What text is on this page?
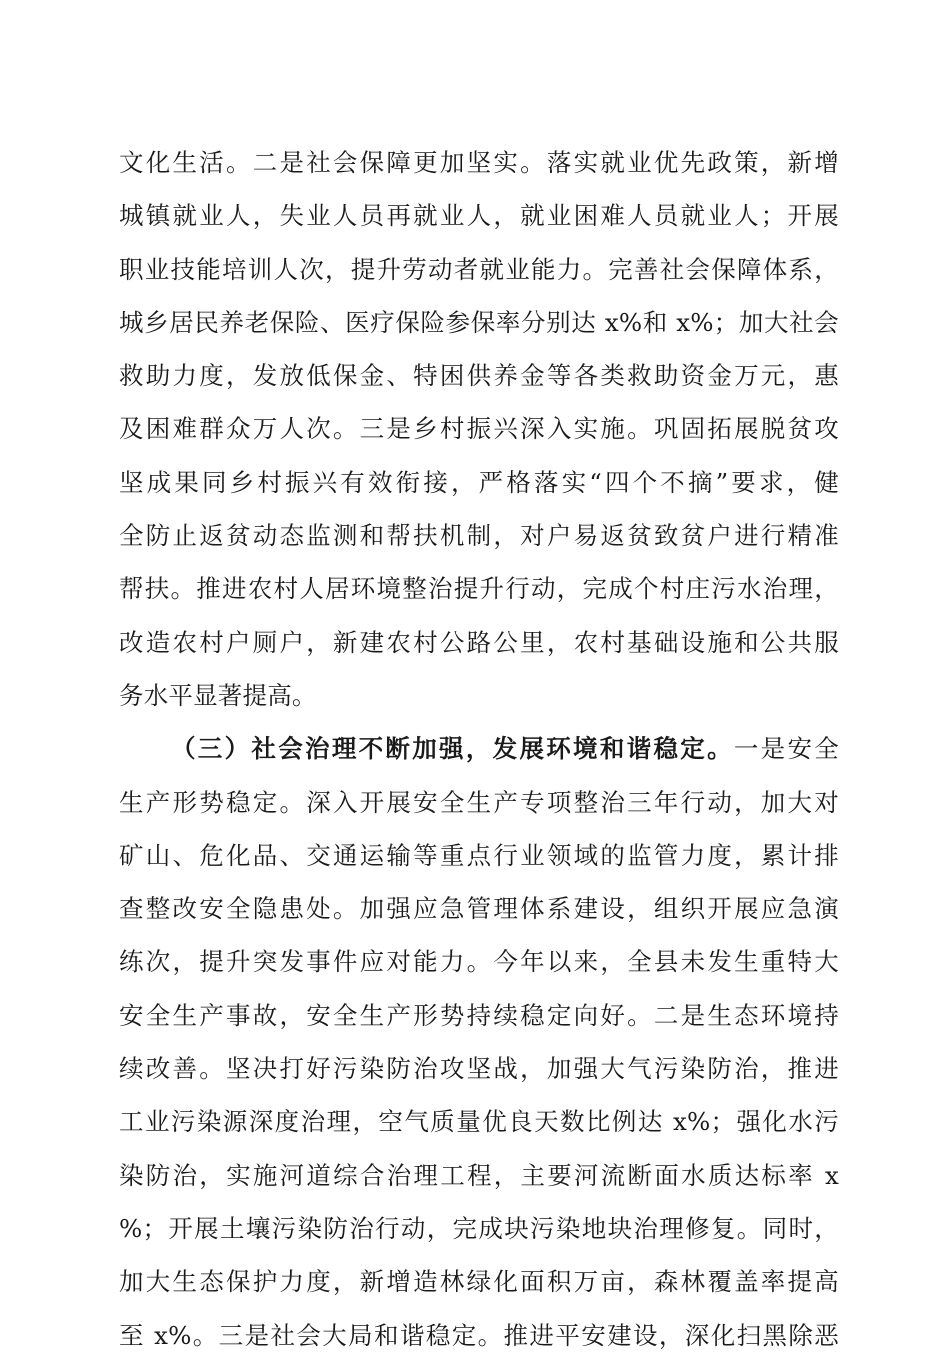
文化生活。二是社会保障更加坚实。落实就业优先政策，新增
城镇就业人，失业人员再就业人，就业困难人员就业人；开展
职业技能培训人次，提升劳动者就业能力。完善社会保障体系，
城乡居民养老保险、医疗保险参保率分别达 x%和 x%；加大社会
救助力度，发放低保金、特困供养金等各类救助资金万元，惠
及困难群众万人次。三是乡村振兴深入实施。巩固拓展脱贫攻
坚成果同乡村振兴有效衔接，严格落实“四个不摘”要求，健
全防止返贫动态监测和帮扶机制，对户易返贫致贫户进行精准
帮扶。推进农村人居环境整治提升行动，完成个村庄污水治理，
改造农村户厕户，新建农村公路公里，农村基础设施和公共服
务水平显著提高。
（三）社会治理不断加强，发展环境和谐稳定。一是安全
生产形势稳定。深入开展安全生产专项整治三年行动，加大对
矿山、危化品、交通运输等重点行业领域的监管力度，累计排
查整改安全隐患处。加强应急管理体系建设，组织开展应急演
练次，提升突发事件应对能力。今年以来，全县未发生重特大
安全生产事故，安全生产形势持续稳定向好。二是生态环境持
续改善。坚决打好污染防治攻坚战，加强大气污染防治，推进
工业污染源深度治理，空气质量优良天数比例达 x%；强化水污
染防治，实施河道综合治理工程，主要河流断面水质达标率 x
%；开展土壤污染防治行动，完成块污染地块治理修复。同时，
加大生态保护力度，新增造林绿化面积万亩，森林覆盖率提高
至 x%。三是社会大局和谐稳定。推进平安建设，深化扫黑除恶
